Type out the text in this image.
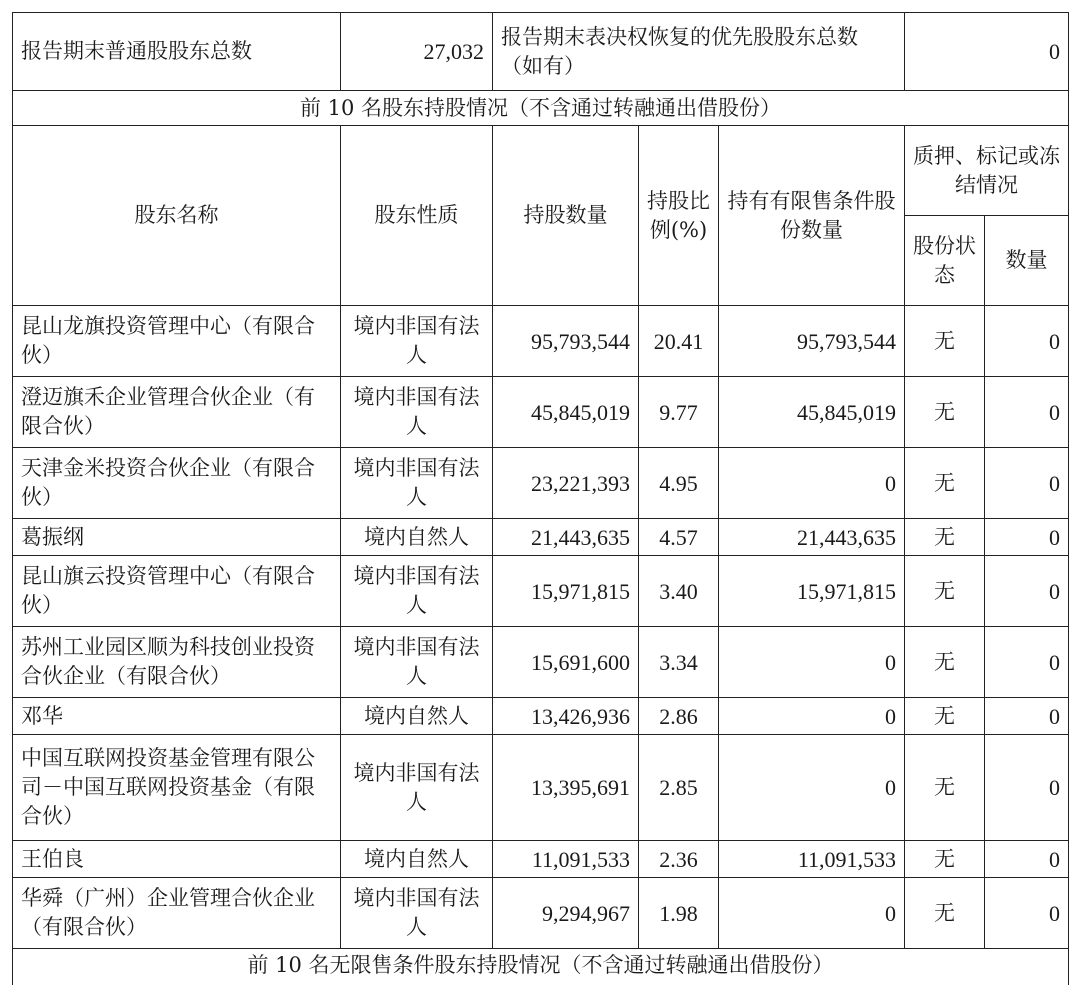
报告期末普通股股东总数	27,032	报告期末表决权恢复的优先股股东总数（如有）			0	
前 10 名股东持股情况（不含通过转融通出借股份）						
股东名称	股东性质	持股数量	持股比例(%)	持有有限售条件股份数量	质押、标记或冻结情况	
					股份状态	数量
昆山龙旗投资管理中心（有限合伙）	境内非国有法人	95,793,544	20.41	95,793,544	无	0
澄迈旗禾企业管理合伙企业（有限合伙）	境内非国有法人	45,845,019	9.77	45,845,019	无	0
天津金米投资合伙企业（有限合伙）	境内非国有法人	23,221,393	4.95	0	无	0
葛振纲	境内自然人	21,443,635	4.57	21,443,635	无	0
昆山旗云投资管理中心（有限合伙）	境内非国有法人	15,971,815	3.40	15,971,815	无	0
苏州工业园区顺为科技创业投资合伙企业（有限合伙）	境内非国有法人	15,691,600	3.34	0	无	0
邓华	境内自然人	13,426,936	2.86	0	无	0
中国互联网投资基金管理有限公司－中国互联网投资基金（有限合伙）	境内非国有法人	13,395,691	2.85	0	无	0
王伯良	境内自然人	11,091,533	2.36	11,091,533	无	0
华舜（广州）企业管理合伙企业（有限合伙）	境内非国有法人	9,294,967	1.98	0	无	0
前 10 名无限售条件股东持股情况（不含通过转融通出借股份）						
